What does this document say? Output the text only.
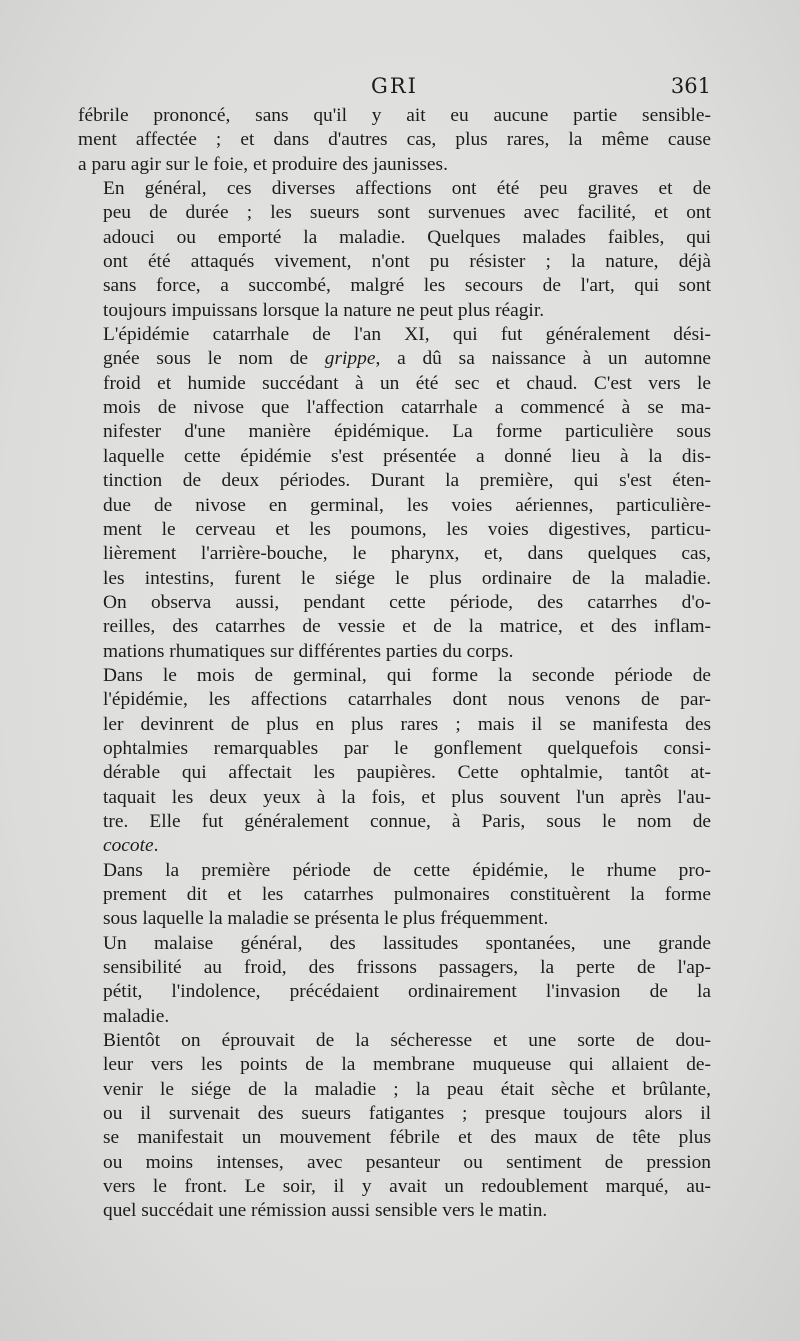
GRI	361
fébrile prononcé, sans qu'il y ait eu aucune partie sensible-
ment affectée ; et dans d'autres cas, plus rares, la même cause
a paru agir sur le foie, et produire des jaunisses.
En général, ces diverses affections ont été peu graves et de
peu de durée ; les sueurs sont survenues avec facilité, et ont
adouci ou emporté la maladie. Quelques malades faibles, qui
ont été attaqués vivement, n'ont pu résister ; la nature, déjà
sans force, a succombé, malgré les secours de l'art, qui sont
toujours impuissans lorsque la nature ne peut plus réagir.
L'épidémie catarrhale de l'an XI, qui fut généralement dési-
gnée sous le nom de grippe, a dû sa naissance à un automne
froid et humide succédant à un été sec et chaud. C'est vers le
mois de nivose que l'affection catarrhale a commencé à se ma-
nifester d'une manière épidémique. La forme particulière sous
laquelle cette épidémie s'est présentée a donné lieu à la dis-
tinction de deux périodes. Durant la première, qui s'est éten-
due de nivose en germinal, les voies aériennes, particulière-
ment le cerveau et les poumons, les voies digestives, particu-
lièrement l'arrière-bouche, le pharynx, et, dans quelques cas,
les intestins, furent le siége le plus ordinaire de la maladie.
On observa aussi, pendant cette période, des catarrhes d'o-
reilles, des catarrhes de vessie et de la matrice, et des inflam-
mations rhumatiques sur différentes parties du corps.
Dans le mois de germinal, qui forme la seconde période de
l'épidémie, les affections catarrhales dont nous venons de par-
ler devinrent de plus en plus rares ; mais il se manifesta des
ophtalmies remarquables par le gonflement quelquefois consi-
dérable qui affectait les paupières. Cette ophtalmie, tantôt at-
taquait les deux yeux à la fois, et plus souvent l'un après l'au-
tre. Elle fut généralement connue, à Paris, sous le nom de
cocote.
Dans la première période de cette épidémie, le rhume pro-
prement dit et les catarrhes pulmonaires constituèrent la forme
sous laquelle la maladie se présenta le plus fréquemment.
Un malaise général, des lassitudes spontanées, une grande
sensibilité au froid, des frissons passagers, la perte de l'ap-
pétit, l'indolence, précédaient ordinairement l'invasion de la
maladie.
Bientôt on éprouvait de la sécheresse et une sorte de dou-
leur vers les points de la membrane muqueuse qui allaient de-
venir le siége de la maladie ; la peau était sèche et brûlante,
ou il survenait des sueurs fatigantes ; presque toujours alors il
se manifestait un mouvement fébrile et des maux de tête plus
ou moins intenses, avec pesanteur ou sentiment de pression
vers le front. Le soir, il y avait un redoublement marqué, au-
quel succédait une rémission aussi sensible vers le matin.
